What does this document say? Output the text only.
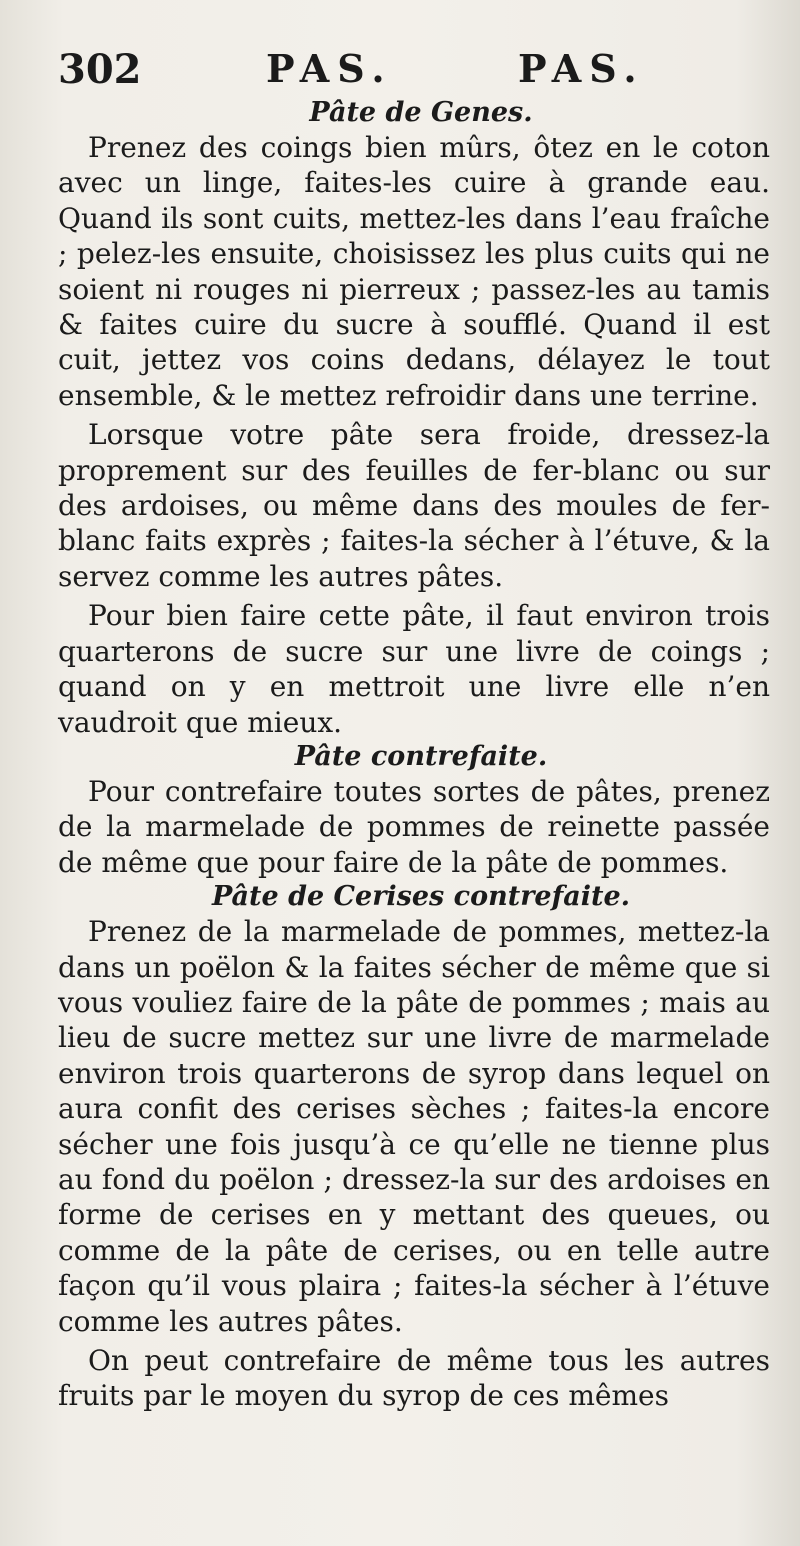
302	PAS.	PAS.
Pâte de Genes.

Prenez des coings bien mûrs, ôtez en le coton avec un linge, faites-les cuire à grande eau. Quand ils sont cuits, mettez-les dans l’eau fraîche ; pelez-les ensuite, choisissez les plus cuits qui ne soient ni rouges ni pierreux ; passez-les au tamis & faites cuire du sucre à soufflé. Quand il est cuit, jettez vos coins dedans, délayez le tout ensemble, & le mettez refroidir dans une terrine.

Lorsque votre pâte sera froide, dressez-la proprement sur des feuilles de fer-blanc ou sur des ardoises, ou même dans des moules de fer-blanc faits exprès ; faites-la sécher à l’étuve, & la servez comme les autres pâtes.

Pour bien faire cette pâte, il faut environ trois quarterons de sucre sur une livre de coings ; quand on y en mettroit une livre elle n’en vaudroit que mieux.

Pâte contrefaite.

Pour contrefaire toutes sortes de pâtes, prenez de la marmelade de pommes de reinette passée de même que pour faire de la pâte de pommes.

Pâte de Cerises contrefaite.

Prenez de la marmelade de pommes, mettez-la dans un poëlon & la faites sécher de même que si vous vouliez faire de la pâte de pommes ; mais au lieu de sucre mettez sur une livre de marmelade environ trois quarterons de syrop dans lequel on aura confit des cerises sèches ; faites-la encore sécher une fois jusqu’à ce qu’elle ne tienne plus au fond du poëlon ; dressez-la sur des ardoises en forme de cerises en y mettant des queues, ou comme de la pâte de cerises, ou en telle autre façon qu’il vous plaira ; faites-la sécher à l’étuve comme les autres pâtes.

On peut contrefaire de même tous les autres fruits par le moyen du syrop de ces mêmes
